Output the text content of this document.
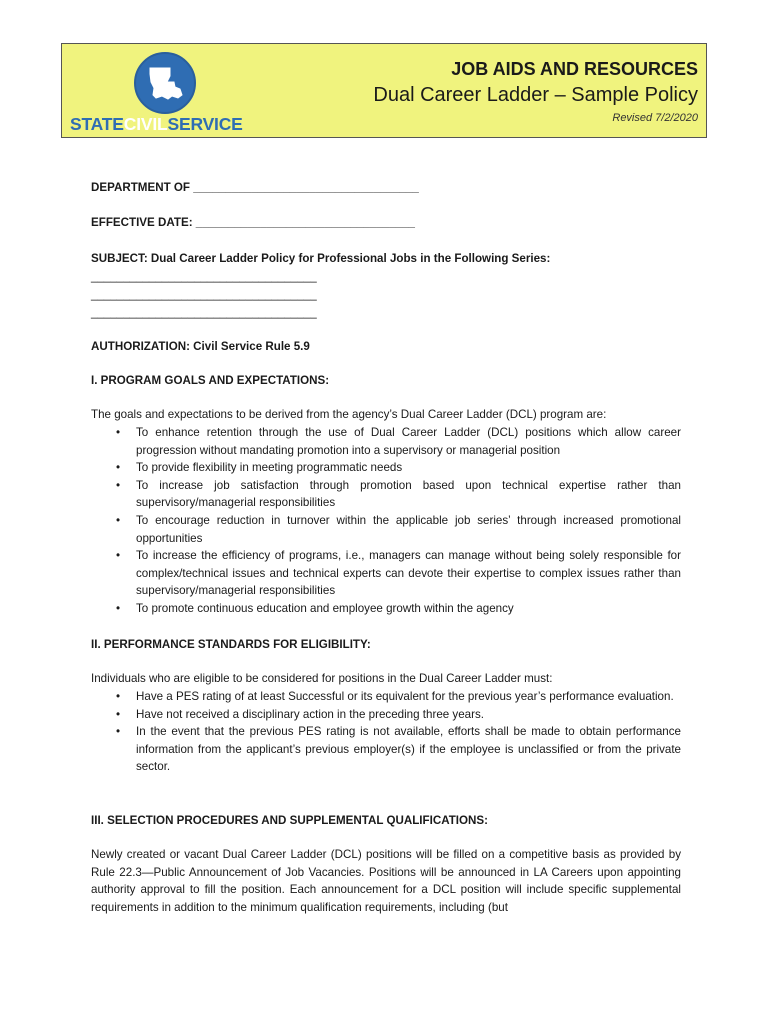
STATECIVILSERVICE
JOB AIDS AND RESOURCES
Dual Career Ladder – Sample Policy
Revised 7/2/2020
DEPARTMENT OF ___________________________________
EFFECTIVE DATE: __________________________________
SUBJECT: Dual Career Ladder Policy for Professional Jobs in the Following Series:
___________________________________
___________________________________
___________________________________
AUTHORIZATION: Civil Service Rule 5.9
I. PROGRAM GOALS AND EXPECTATIONS:
The goals and expectations to be derived from the agency’s Dual Career Ladder (DCL) program are:
• To enhance retention through the use of Dual Career Ladder (DCL) positions which allow career progression without mandating promotion into a supervisory or managerial position
• To provide flexibility in meeting programmatic needs
• To increase job satisfaction through promotion based upon technical expertise rather than supervisory/managerial responsibilities
• To encourage reduction in turnover within the applicable job series’ through increased promotional opportunities
• To increase the efficiency of programs, i.e., managers can manage without being solely responsible for complex/technical issues and technical experts can devote their expertise to complex issues rather than supervisory/managerial responsibilities
• To promote continuous education and employee growth within the agency
II. PERFORMANCE STANDARDS FOR ELIGIBILITY:
Individuals who are eligible to be considered for positions in the Dual Career Ladder must:
• Have a PES rating of at least Successful or its equivalent for the previous year’s performance evaluation.
• Have not received a disciplinary action in the preceding three years.
• In the event that the previous PES rating is not available, efforts shall be made to obtain performance information from the applicant’s previous employer(s) if the employee is unclassified or from the private sector.
III. SELECTION PROCEDURES AND SUPPLEMENTAL QUALIFICATIONS:
Newly created or vacant Dual Career Ladder (DCL) positions will be filled on a competitive basis as provided by Rule 22.3—Public Announcement of Job Vacancies. Positions will be announced in LA Careers upon appointing authority approval to fill the position. Each announcement for a DCL position will include specific supplemental requirements in addition to the minimum qualification requirements, including (but
